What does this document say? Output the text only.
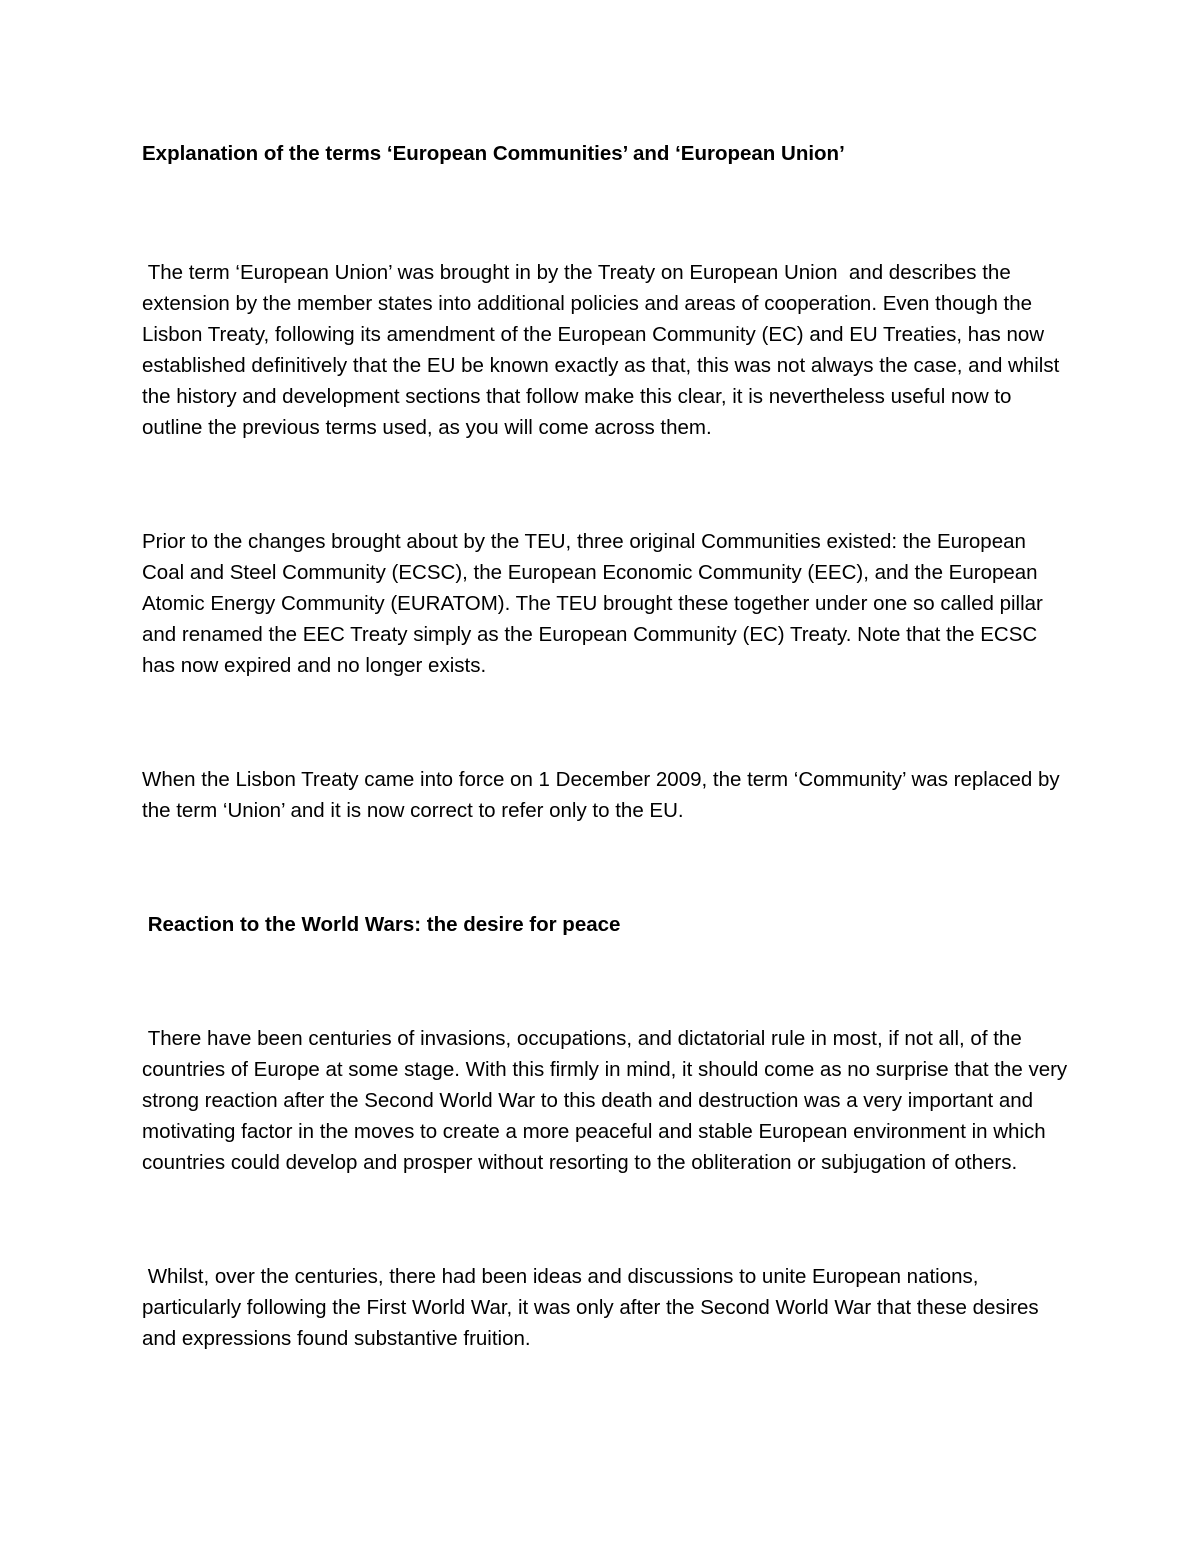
Explanation of the terms ‘European Communities’ and ‘European Union’

The term ‘European Union’ was brought in by the Treaty on European Union  and describes the extension by the member states into additional policies and areas of cooperation. Even though the Lisbon Treaty, following its amendment of the European Community (EC) and EU Treaties, has now established definitively that the EU be known exactly as that, this was not always the case, and whilst the history and development sections that follow make this clear, it is nevertheless useful now to outline the previous terms used, as you will come across them.

Prior to the changes brought about by the TEU, three original Communities existed: the European Coal and Steel Community (ECSC), the European Economic Community (EEC), and the European Atomic Energy Community (EURATOM). The TEU brought these together under one so called pillar and renamed the EEC Treaty simply as the European Community (EC) Treaty. Note that the ECSC has now expired and no longer exists.

When the Lisbon Treaty came into force on 1 December 2009, the term ‘Community’ was replaced by the term ‘Union’ and it is now correct to refer only to the EU.

Reaction to the World Wars: the desire for peace

There have been centuries of invasions, occupations, and dictatorial rule in most, if not all, of the countries of Europe at some stage. With this firmly in mind, it should come as no surprise that the very strong reaction after the Second World War to this death and destruction was a very important and motivating factor in the moves to create a more peaceful and stable European environment in which countries could develop and prosper without resorting to the obliteration or subjugation of others.

Whilst, over the centuries, there had been ideas and discussions to unite European nations, particularly following the First World War, it was only after the Second World War that these desires and expressions found substantive fruition.
